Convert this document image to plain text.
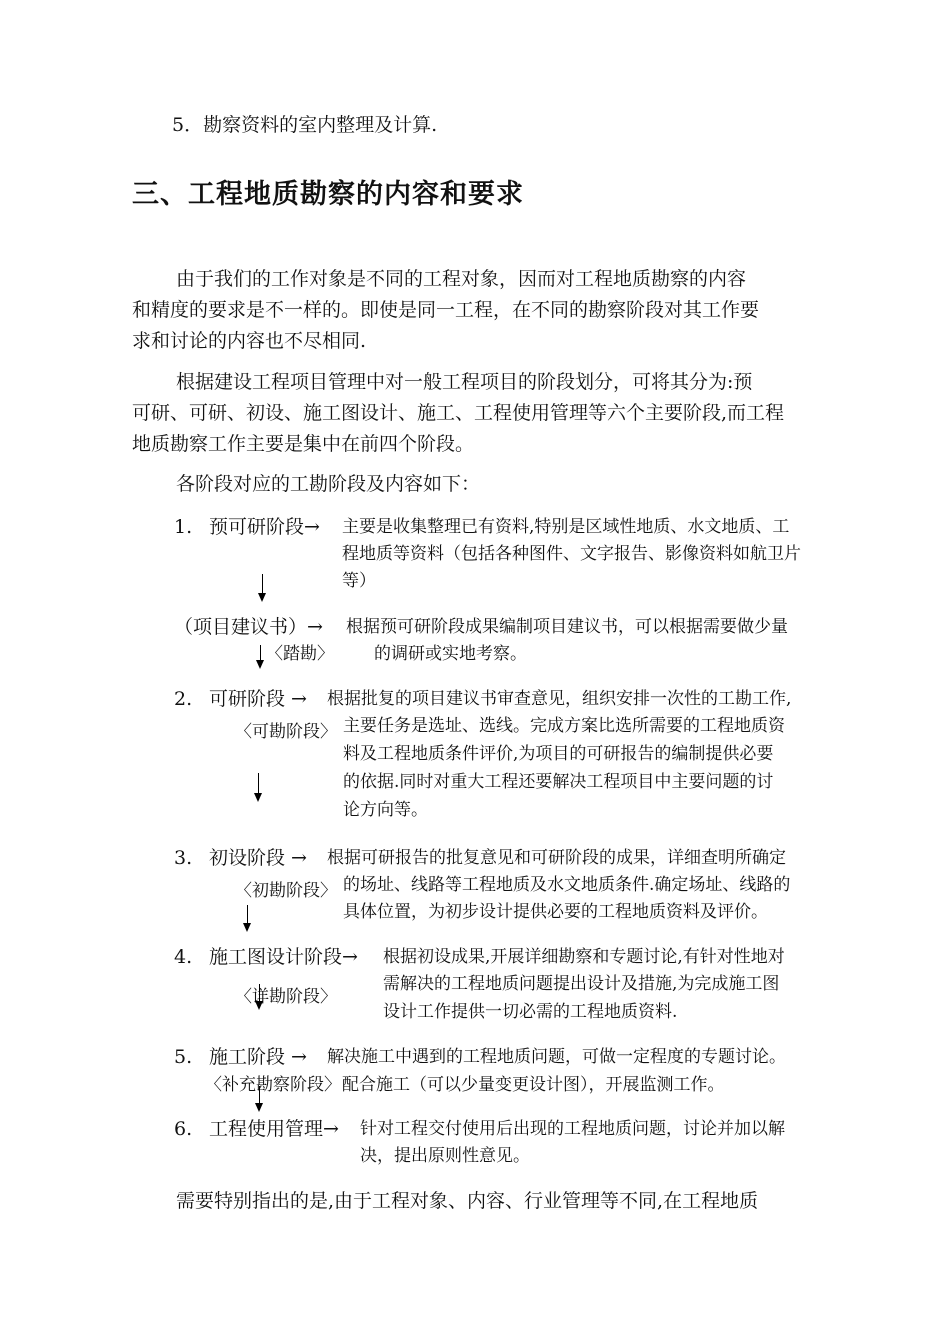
5．勘察资料的室内整理及计算.
三、工程地质勘察的内容和要求
由于我们的工作对象是不同的工程对象，因而对工程地质勘察的内容
和精度的要求是不一样的。即使是同一工程，在不同的勘察阶段对其工作要
求和讨论的内容也不尽相同.
根据建设工程项目管理中对一般工程项目的阶段划分，可将其分为:预
可研、可研、初设、施工图设计、施工、工程使用管理等六个主要阶段,而工程
地质勘察工作主要是集中在前四个阶段。
各阶段对应的工勘阶段及内容如下：
1. 预可研阶段→ 主要是收集整理已有资料,特别是区域性地质、水文地质、工
程地质等资料（包括各种图件、文字报告、影像资料如航卫片
等）
（项目建议书）→ 根据预可研阶段成果编制项目建议书，可以根据需要做少量
〈踏勘〉 的调研或实地考察。
2. 可研阶段 → 根据批复的项目建议书审查意见，组织安排一次性的工勘工作,
〈可勘阶段〉 主要任务是选址、选线。完成方案比选所需要的工程地质资
料及工程地质条件评价,为项目的可研报告的编制提供必要
的依据.同时对重大工程还要解决工程项目中主要问题的讨
论方向等。
3. 初设阶段 → 根据可研报告的批复意见和可研阶段的成果，详细查明所确定
〈初勘阶段〉 的场址、线路等工程地质及水文地质条件.确定场址、线路的
具体位置，为初步设计提供必要的工程地质资料及评价。
4. 施工图设计阶段→ 根据初设成果,开展详细勘察和专题讨论,有针对性地对
需解决的工程地质问题提出设计及措施,为完成施工图
〈详勘阶段〉
设计工作提供一切必需的工程地质资料.
5. 施工阶段 → 解决施工中遇到的工程地质问题，可做一定程度的专题讨论。
〈补充勘察阶段〉 配合施工（可以少量变更设计图），开展监测工作。
6. 工程使用管理→ 针对工程交付使用后出现的工程地质问题，讨论并加以解
决，提出原则性意见。
需要特别指出的是,由于工程对象、内容、行业管理等不同,在工程地质
